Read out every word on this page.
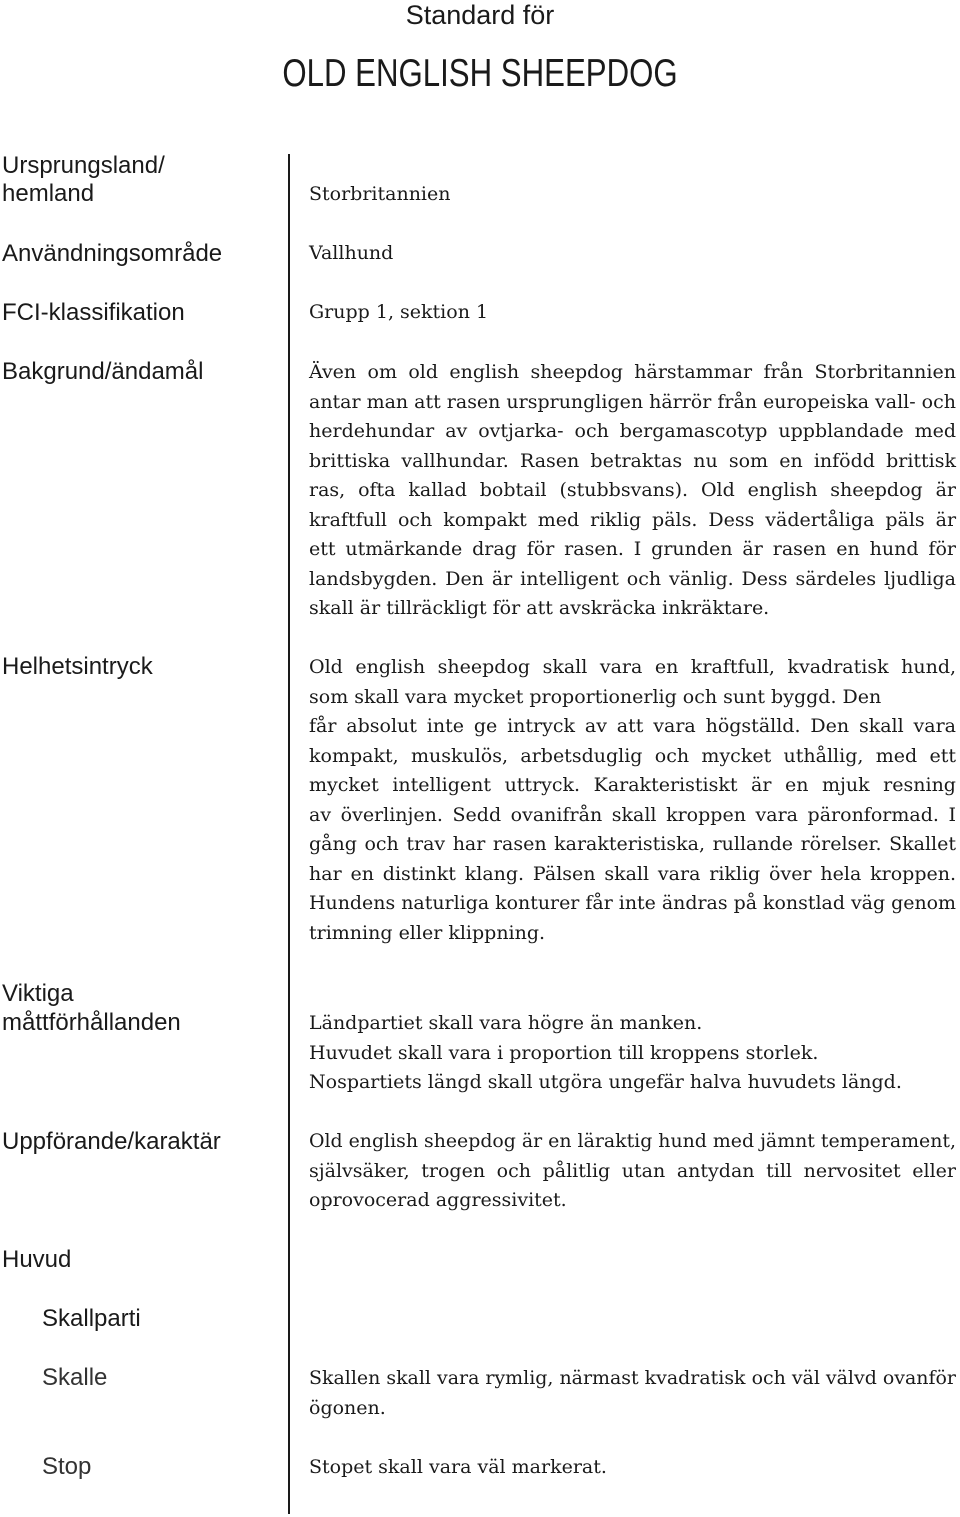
Standard för
OLD ENGLISH SHEEPDOG
Ursprungsland/
hemland	Storbritannien
Användningsområde	Vallhund
FCI-klassifikation	Grupp 1, sektion 1
Bakgrund/ändamål	Även om old english sheepdog härstammar från Storbritannien
antar man att rasen ursprungligen härrör från europeiska vall- och
herdehundar av ovtjarka- och bergamascotyp uppblandade med
brittiska vallhundar. Rasen betraktas nu som en infödd brittisk
ras, ofta kallad bobtail (stubbsvans). Old english sheepdog är
kraftfull och kompakt med riklig päls. Dess vädertåliga päls är
ett utmärkande drag för rasen. I grunden är rasen en hund för
landsbygden. Den är intelligent och vänlig. Dess särdeles ljudliga
skall är tillräckligt för att avskräcka inkräktare.
Helhetsintryck	Old english sheepdog skall vara en kraftfull, kvadratisk hund,
som skall vara mycket proportionerlig och sunt byggd. Den
får absolut inte ge intryck av att vara högställd. Den skall vara
kompakt, muskulös, arbetsduglig och mycket uthållig, med ett
mycket intelligent uttryck. Karakteristiskt är en mjuk resning
av överlinjen. Sedd ovanifrån skall kroppen vara päronformad. I
gång och trav har rasen karakteristiska, rullande rörelser. Skallet
har en distinkt klang. Pälsen skall vara riklig över hela kroppen.
Hundens naturliga konturer får inte ändras på konstlad väg genom
trimning eller klippning.
Viktiga
måttförhållanden	Ländpartiet skall vara högre än manken.
Huvudet skall vara i proportion till kroppens storlek.
Nospartiets längd skall utgöra ungefär halva huvudets längd.
Uppförande/karaktär	Old english sheepdog är en läraktig hund med jämnt temperament,
självsäker, trogen och pålitlig utan antydan till nervositet eller
oprovocerad aggressivitet.
Huvud
Skallparti
Skalle	Skallen skall vara rymlig, närmast kvadratisk och väl välvd ovanför
ögonen.
Stop	Stopet skall vara väl markerat.
